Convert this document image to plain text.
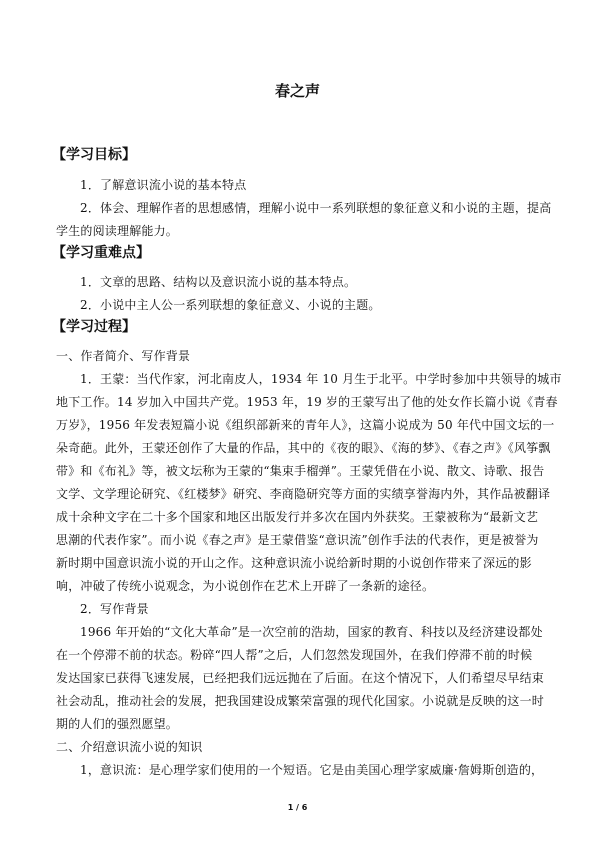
春之声
【学习目标】
1．了解意识流小说的基本特点
2．体会、理解作者的思想感情，理解小说中一系列联想的象征意义和小说的主题，提高
学生的阅读理解能力。
【学习重难点】
1．文章的思路、结构以及意识流小说的基本特点。
2．小说中主人公一系列联想的象征意义、小说的主题。
【学习过程】
一、作者简介、写作背景
1．王蒙：当代作家，河北南皮人，1934 年 10 月生于北平。中学时参加中共领导的城市
地下工作。14 岁加入中国共产党。1953 年，19 岁的王蒙写出了他的处女作长篇小说《青春
万岁》，1956 年发表短篇小说《组织部新来的青年人》，这篇小说成为 50 年代中国文坛的一
朵奇葩。此外，王蒙还创作了大量的作品，其中的《夜的眼》、《海的梦》、《春之声》《风筝飘
带》和《布礼》等，被文坛称为王蒙的“集束手榴弹”。王蒙凭借在小说、散文、诗歌、报告
文学、文学理论研究、《红楼梦》研究、李商隐研究等方面的实绩享誉海内外，其作品被翻译
成十余种文字在二十多个国家和地区出版发行并多次在国内外获奖。王蒙被称为“最新文艺
思潮的代表作家”。而小说《春之声》是王蒙借鉴“意识流”创作手法的代表作，更是被誉为
新时期中国意识流小说的开山之作。这种意识流小说给新时期的小说创作带来了深远的影
响，冲破了传统小说观念，为小说创作在艺术上开辟了一条新的途径。
2．写作背景
1966 年开始的“文化大革命”是一次空前的浩劫，国家的教育、科技以及经济建设都处
在一个停滞不前的状态。粉碎“四人帮”之后，人们忽然发现国外，在我们停滞不前的时候
发达国家已获得飞速发展，已经把我们远远抛在了后面。在这个情况下，人们希望尽早结束
社会动乱，推动社会的发展，把我国建设成繁荣富强的现代化国家。小说就是反映的这一时
期的人们的强烈愿望。
二、介绍意识流小说的知识
1，意识流：是心理学家们使用的一个短语。它是由美国心理学家威廉·詹姆斯创造的，
1 / 6
